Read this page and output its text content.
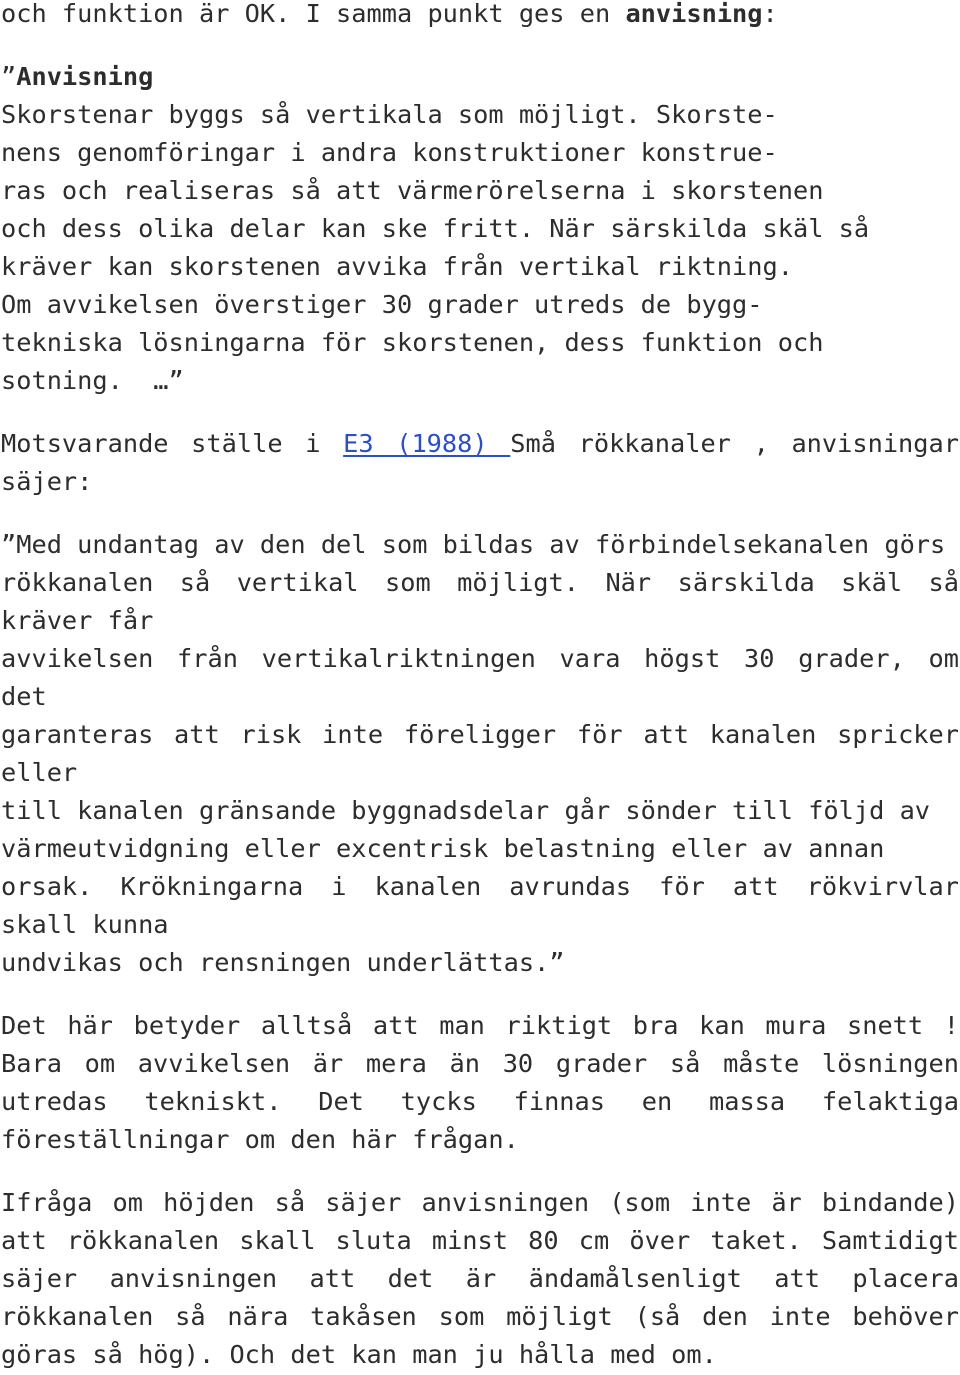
och funktion är OK. I samma punkt ges en anvisning:
”Anvisning
Skorstenar byggs så vertikala som möjligt. Skorste-
nens genomföringar i andra konstruktioner konstrue-
ras och realiseras så att värmerörelserna i skorstenen
och dess olika delar kan ske fritt. När särskilda skäl så
kräver kan skorstenen avvika från vertikal riktning.
Om avvikelsen överstiger 30 grader utreds de bygg-
tekniska lösningarna för skorstenen, dess funktion och
sotning.  …”
Motsvarande ställe i E3 (1988) Små rökkanaler , anvisningar
säjer:
”Med undantag av den del som bildas av förbindelsekanalen görs
rökkanalen så vertikal som möjligt. När särskilda skäl så
kräver får
avvikelsen från vertikalriktningen vara högst 30 grader, om
det
garanteras att risk inte föreligger för att kanalen spricker
eller
till kanalen gränsande byggnadsdelar går sönder till följd av
värmeutvidgning eller excentrisk belastning eller av annan
orsak. Krökningarna i kanalen avrundas för att rökvirvlar
skall kunna
undvikas och rensningen underlättas.”
Det här betyder alltså att man riktigt bra kan mura snett !
Bara om avvikelsen är mera än 30 grader så måste lösningen
utredas tekniskt. Det tycks finnas en massa felaktiga
föreställningar om den här frågan.
Ifråga om höjden så säjer anvisningen (som inte är bindande)
att rökkanalen skall sluta minst 80 cm över taket. Samtidigt
säjer anvisningen att det är ändamålsenligt att placera
rökkanalen så nära takåsen som möjligt (så den inte behöver
göras så hög). Och det kan man ju hålla med om.
